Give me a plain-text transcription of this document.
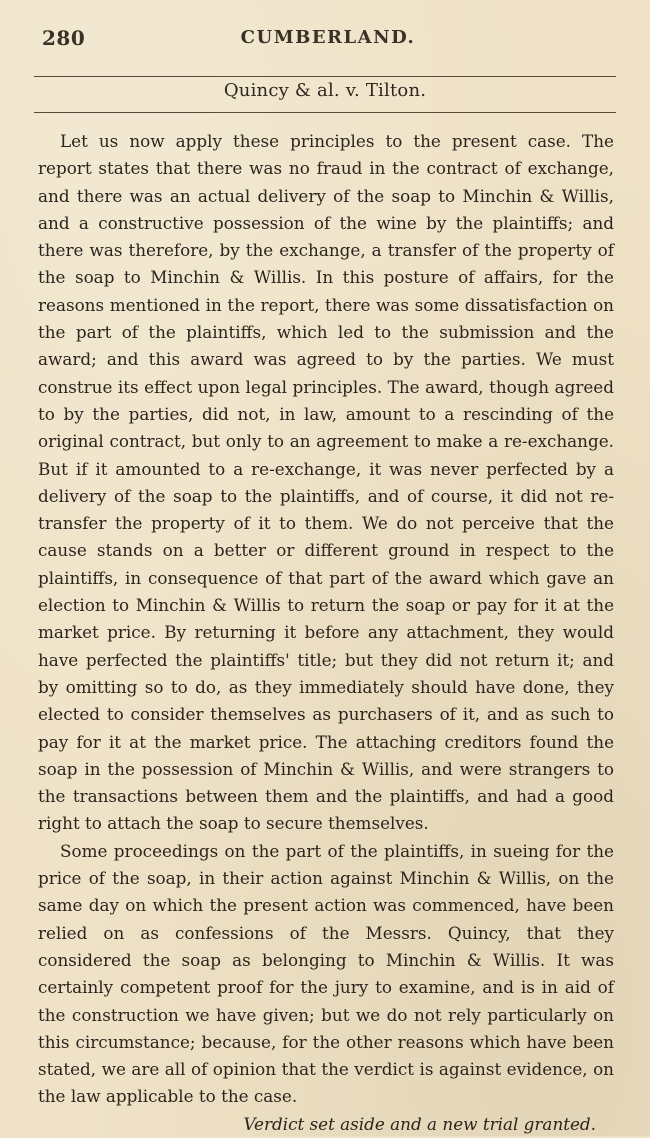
280	CUMBERLAND.
Quincy & al. v. Tilton.

Let us now apply these principles to the present case. The report states that there was no fraud in the contract of exchange, and there was an actual delivery of the soap to Minchin & Willis, and a constructive possession of the wine by the plaintiffs; and there was therefore, by the exchange, a transfer of the property of the soap to Minchin & Willis. In this posture of affairs, for the reasons mentioned in the report, there was some dissatisfaction on the part of the plaintiffs, which led to the submission and the award; and this award was agreed to by the parties. We must construe its effect upon legal principles. The award, though agreed to by the parties, did not, in law, amount to a rescinding of the original contract, but only to an agreement to make a re-exchange. But if it amounted to a re-exchange, it was never perfected by a delivery of the soap to the plaintiffs, and of course, it did not re-transfer the property of it to them. We do not perceive that the cause stands on a better or different ground in respect to the plaintiffs, in consequence of that part of the award which gave an election to Minchin & Willis to return the soap or pay for it at the market price. By returning it before any attachment, they would have perfected the plaintiffs' title; but they did not return it; and by omitting so to do, as they immediately should have done, they elected to consider themselves as purchasers of it, and as such to pay for it at the market price. The attaching creditors found the soap in the possession of Minchin & Willis, and were strangers to the transactions between them and the plaintiffs, and had a good right to attach the soap to secure themselves.

Some proceedings on the part of the plaintiffs, in sueing for the price of the soap, in their action against Minchin & Willis, on the same day on which the present action was commenced, have been relied on as confessions of the Messrs. Quincy, that they considered the soap as belonging to Minchin & Willis. It was certainly competent proof for the jury to examine, and is in aid of the construction we have given; but we do not rely particularly on this circumstance; because, for the other reasons which have been stated, we are all of opinion that the verdict is against evidence, on the law applicable to the case.

Verdict set aside and a new trial granted.
